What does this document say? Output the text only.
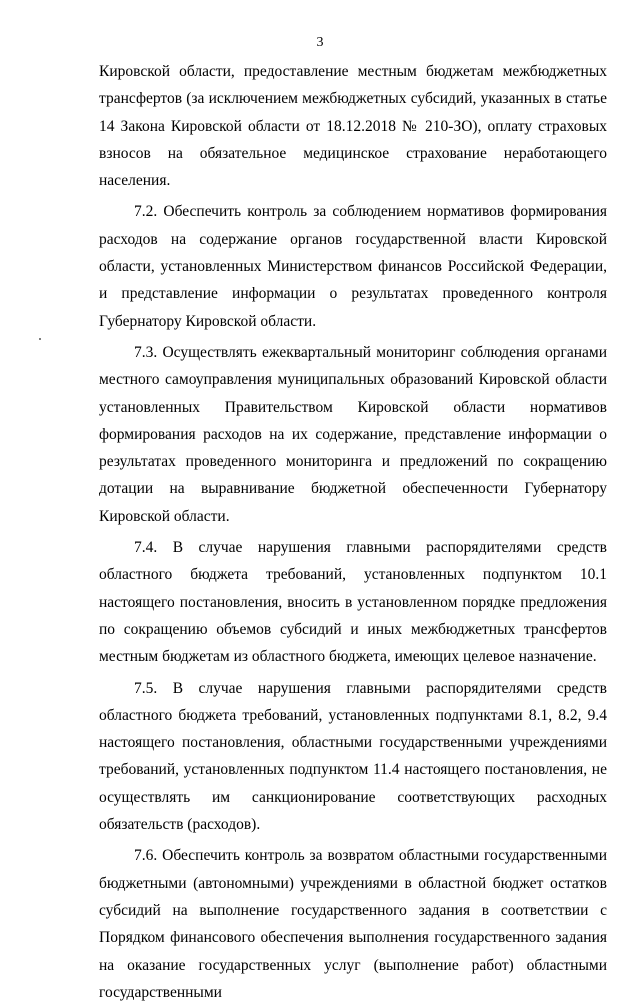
3

Кировской области, предоставление местным бюджетам межбюджетных трансфертов (за исключением межбюджетных субсидий, указанных в статье 14 Закона Кировской области от 18.12.2018 № 210-ЗО), оплату страховых взносов на обязательное медицинское страхование неработающего населения.

7.2. Обеспечить контроль за соблюдением нормативов формирования расходов на содержание органов государственной власти Кировской области, установленных Министерством финансов Российской Федерации, и представление информации о результатах проведенного контроля Губернатору Кировской области.

7.3. Осуществлять ежеквартальный мониторинг соблюдения органами местного самоуправления муниципальных образований Кировской области установленных Правительством Кировской области нормативов формирования расходов на их содержание, представление информации о результатах проведенного мониторинга и предложений по сокращению дотации на выравнивание бюджетной обеспеченности Губернатору Кировской области.

7.4. В случае нарушения главными распорядителями средств областного бюджета требований, установленных подпунктом 10.1 настоящего постановления, вносить в установленном порядке предложения по сокращению объемов субсидий и иных межбюджетных трансфертов местным бюджетам из областного бюджета, имеющих целевое назначение.

7.5. В случае нарушения главными распорядителями средств областного бюджета требований, установленных подпунктами 8.1, 8.2, 9.4 настоящего постановления, областными государственными учреждениями требований, установленных подпунктом 11.4 настоящего постановления, не осуществлять им санкционирование соответствующих расходных обязательств (расходов).

7.6. Обеспечить контроль за возвратом областными государственными бюджетными (автономными) учреждениями в областной бюджет остатков субсидий на выполнение государственного задания в соответствии с Порядком финансового обеспечения выполнения государственного задания на оказание государственных услуг (выполнение работ) областными государственными
